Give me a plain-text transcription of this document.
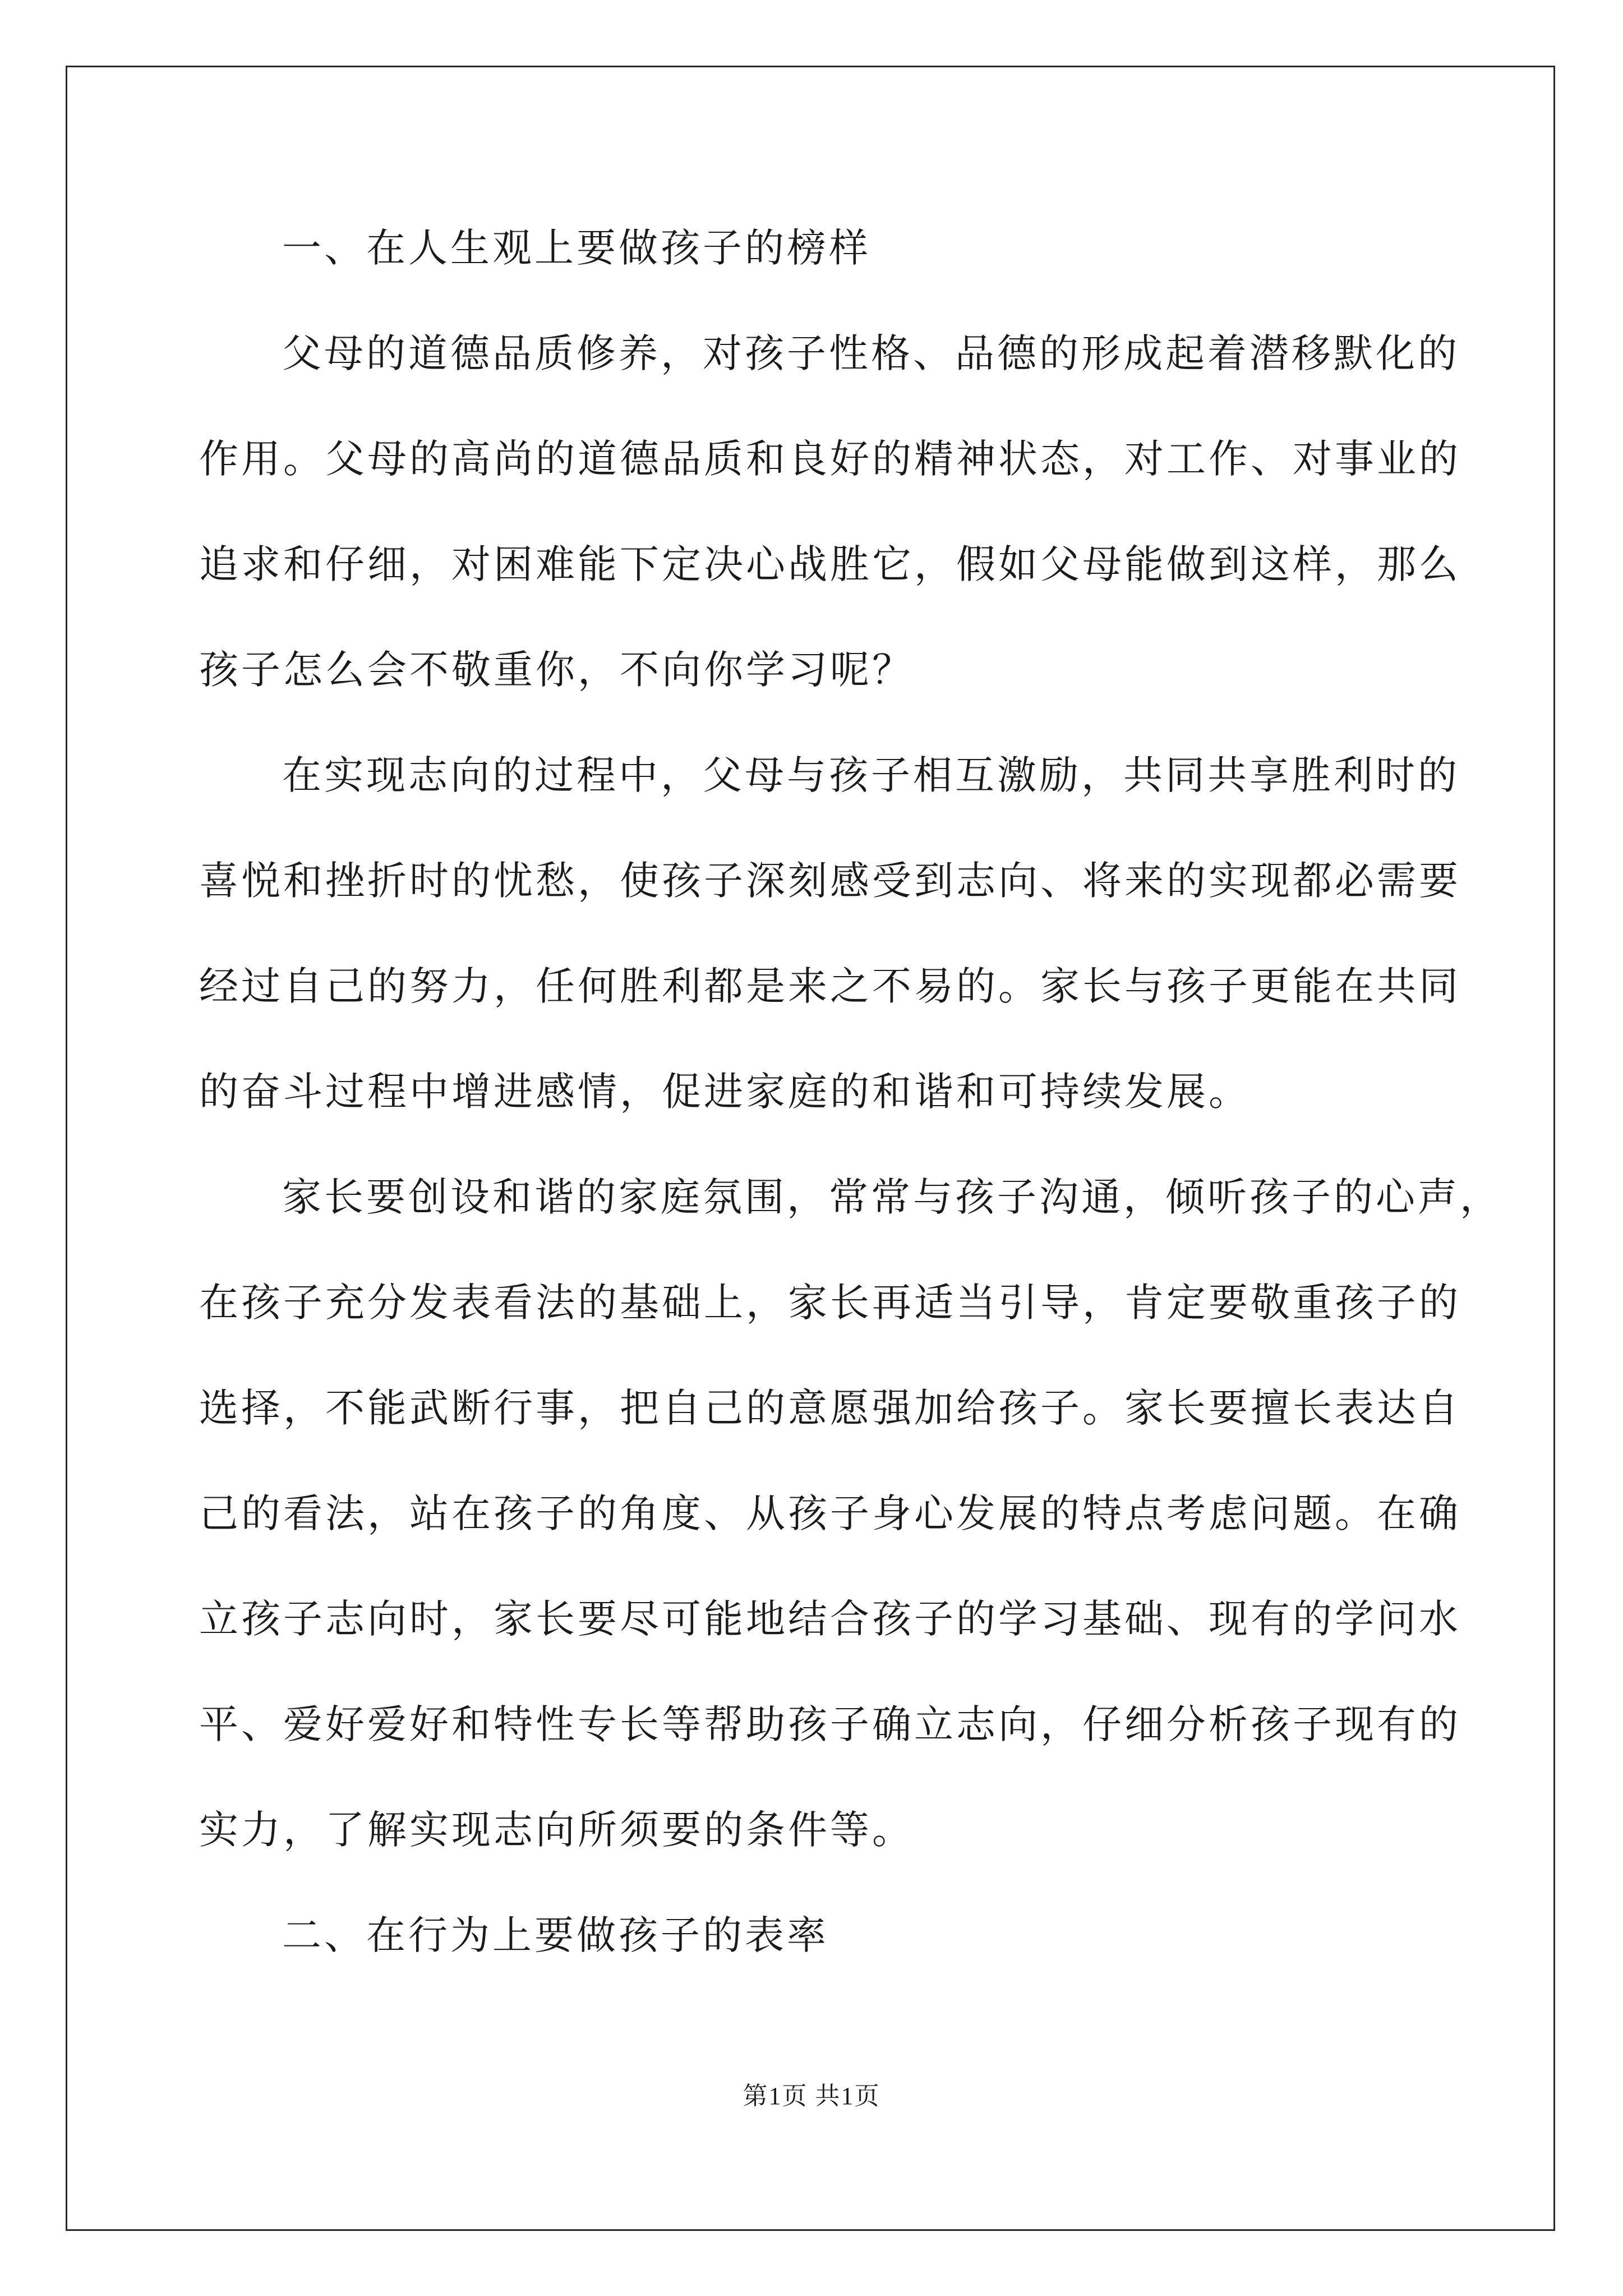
一、在人生观上要做孩子的榜样
父母的道德品质修养，对孩子性格、品德的形成起着潜移默化的
作用。父母的高尚的道德品质和良好的精神状态，对工作、对事业的
追求和仔细，对困难能下定决心战胜它，假如父母能做到这样，那么
孩子怎么会不敬重你，不向你学习呢？
在实现志向的过程中，父母与孩子相互激励，共同共享胜利时的
喜悦和挫折时的忧愁，使孩子深刻感受到志向、将来的实现都必需要
经过自己的努力，任何胜利都是来之不易的。家长与孩子更能在共同
的奋斗过程中增进感情，促进家庭的和谐和可持续发展。
家长要创设和谐的家庭氛围，常常与孩子沟通，倾听孩子的心声，
在孩子充分发表看法的基础上，家长再适当引导，肯定要敬重孩子的
选择，不能武断行事，把自己的意愿强加给孩子。家长要擅长表达自
己的看法，站在孩子的角度、从孩子身心发展的特点考虑问题。在确
立孩子志向时，家长要尽可能地结合孩子的学习基础、现有的学问水
平、爱好爱好和特性专长等帮助孩子确立志向，仔细分析孩子现有的
实力，了解实现志向所须要的条件等。
二、在行为上要做孩子的表率
第1页 共1页
